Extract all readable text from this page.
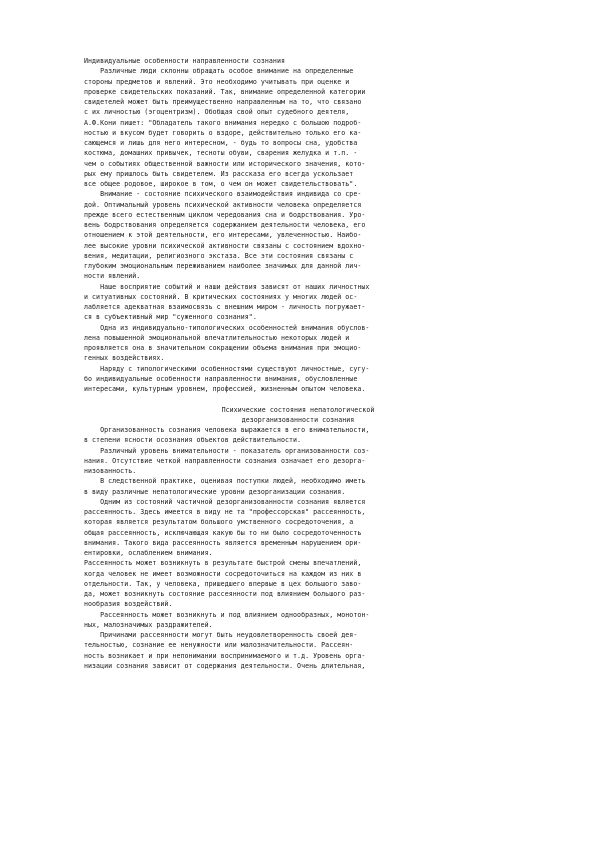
Индивидуальные особенности направленности сознания
Различные люди склонны обращать особое внимание на определенные
стороны предметов и явлений. Это необходимо учитывать при оценке и
проверке свидетельских показаний. Так, внимание определенной категории
свидетелей может быть преимущественно направленным на то, что связано
с их личностью (эгоцентризм). Обобщая свой опыт судебного деятеля,
А.Ф.Кони пишет: "Обладатель такого внимания нередко с большою подроб-
ностью и вкусом будет говорить о вздоре, действительно только его ка-
сающемся и лишь для него интересном, - будь то вопросы сна, удобства
костюма, домашних привычек, тесноты обуви, сварения желудка и т.п. -
чем о событиях общественной важности или исторического значения, кото-
рых ему пришлось быть свидетелем. Из рассказа его всегда ускользает
все общее родовое, широкое в том, о чем он может свидетельствовать".
Внимание - состояние психического взаимодействия индивида со сре-
дой. Оптимальный уровень психической активности человека определяется
прежде всего естественным циклом чередования сна и бодрствования. Уро-
вень бодрствования определяется содержанием деятельности человека, его
отношением к этой деятельности, его интересами, увлеченностью. Наибо-
лее высокие уровни психической активности связаны с состоянием вдохно-
вения, медитации, религиозного экстаза. Все эти состояния связаны с
глубоким эмоциональным переживанием наиболее значимых для данной лич-
ности явлений.
Наше восприятие событий и наши действия зависят от наших личностных
и ситуативных состояний. В критических состояниях у многих людей ос-
лабляется адекватная взаимосвязь с внешним миром - личность погружает-
ся в субъективный мир "суженного сознания".
Одна из индивидуально-типологических особенностей внимания обуслов-
лена повышенной эмоциональной впечатлительностью некоторых людей и
проявляется она в значительном сокращении объема внимания при эмоцио-
генных воздействиях.
Наряду с типологическими особенностями существуют личностные, сугу-
бо индивидуальные особенности направленности внимания, обусловленные
интересами, культурным уровнем, профессией, жизненным опытом человека.
Психические состояния непатологической
дезорганизованности сознания
Организованность сознания человека выражается в его внимательности,
в степени ясности осознания объектов действительности.
Различный уровень внимательности - показатель организованности соз-
нания. Отсутствие четкой направленности сознания означает его дезорга-
низованность.
В следственной практике, оценивая поступки людей, необходимо иметь
в виду различные непатологические уровни дезорганизации сознания.
Одним из состояний частичной дезорганизованности сознания является
рассеянность. Здесь имеется в виду не та "профессорская" рассеянность,
которая является результатом большого умственного сосредоточения, а
общая рассеянность, исключающая какую бы то ни было сосредоточенность
внимания. Такого вида рассеянность является временным нарушением ори-
ентировки, ослаблением внимания.
Рассеянность может возникнуть в результате быстрой смены впечатлений,
когда человек не имеет возможности сосредоточиться на каждом из них в
отдельности. Так, у человека, пришедшего впервые в цех большого заво-
да, может возникнуть состояние рассеянности под влиянием большого раз-
нообразия воздействий.
Рассеянность может возникнуть и под влиянием однообразных, монотон-
ных, малозначимых раздражителей.
Причинами рассеянности могут быть неудовлетворенность своей дея-
тельностью, сознание ее ненужности или малозначительности. Рассеян-
ность возникает и при непонимании воспринимаемого и т.д. Уровень орга-
низации сознания зависит от содержания деятельности. Очень длительная,
